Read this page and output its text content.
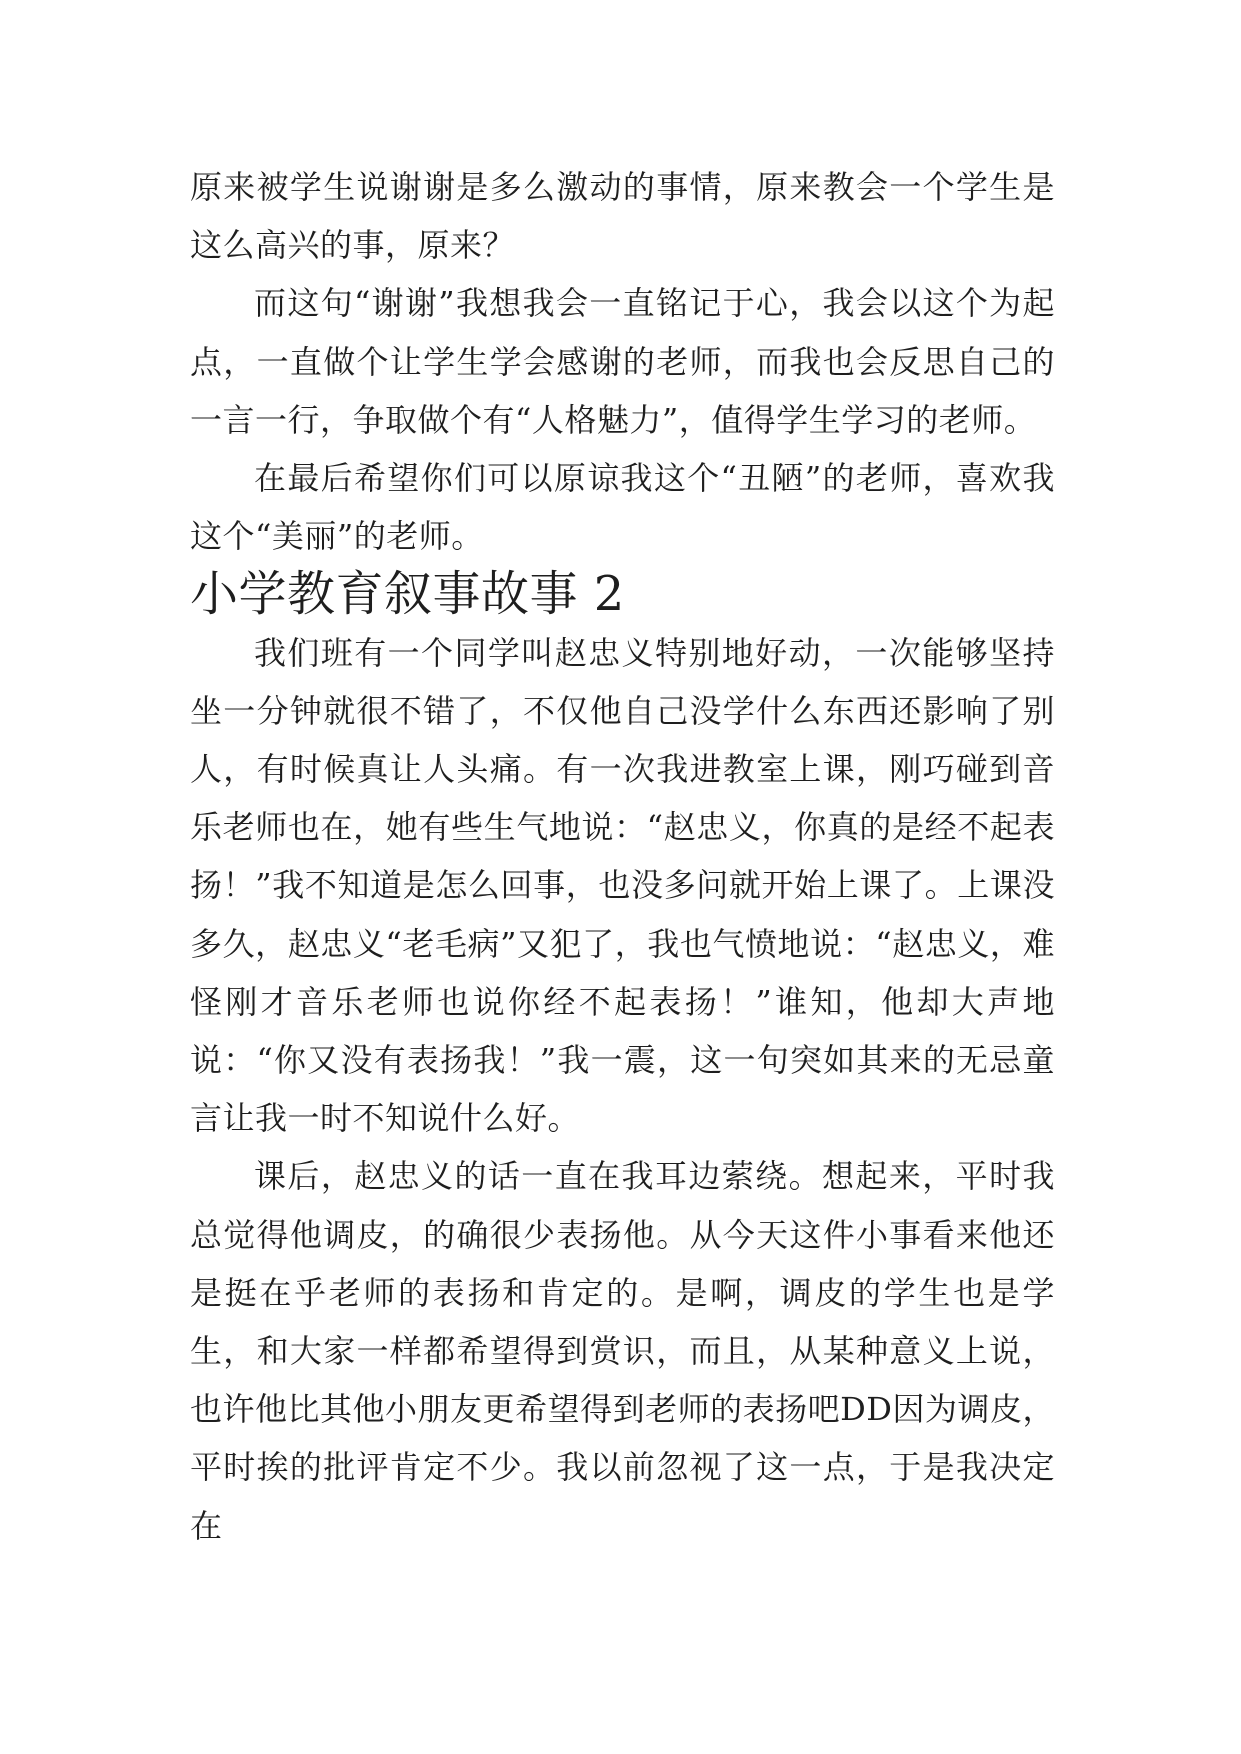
原来被学生说谢谢是多么激动的事情，原来教会一个学生是这么高兴的事，原来？

而这句“谢谢”我想我会一直铭记于心，我会以这个为起点，一直做个让学生学会感谢的老师，而我也会反思自己的一言一行，争取做个有“人格魅力”，值得学生学习的老师。

在最后希望你们可以原谅我这个“丑陋”的老师，喜欢我这个“美丽”的老师。

小学教育叙事故事 2

我们班有一个同学叫赵忠义特别地好动，一次能够坚持坐一分钟就很不错了，不仅他自己没学什么东西还影响了别人，有时候真让人头痛。有一次我进教室上课，刚巧碰到音乐老师也在，她有些生气地说：“赵忠义，你真的是经不起表扬！”我不知道是怎么回事，也没多问就开始上课了。上课没多久，赵忠义“老毛病”又犯了，我也气愤地说：“赵忠义，难怪刚才音乐老师也说你经不起表扬！”谁知，他却大声地说：“你又没有表扬我！”我一震，这一句突如其来的无忌童言让我一时不知说什么好。

课后，赵忠义的话一直在我耳边萦绕。想起来，平时我总觉得他调皮，的确很少表扬他。从今天这件小事看来他还是挺在乎老师的表扬和肯定的。是啊，调皮的学生也是学生，和大家一样都希望得到赏识，而且，从某种意义上说，也许他比其他小朋友更希望得到老师的表扬吧DD因为调皮，平时挨的批评肯定不少。我以前忽视了这一点，于是我决定在
